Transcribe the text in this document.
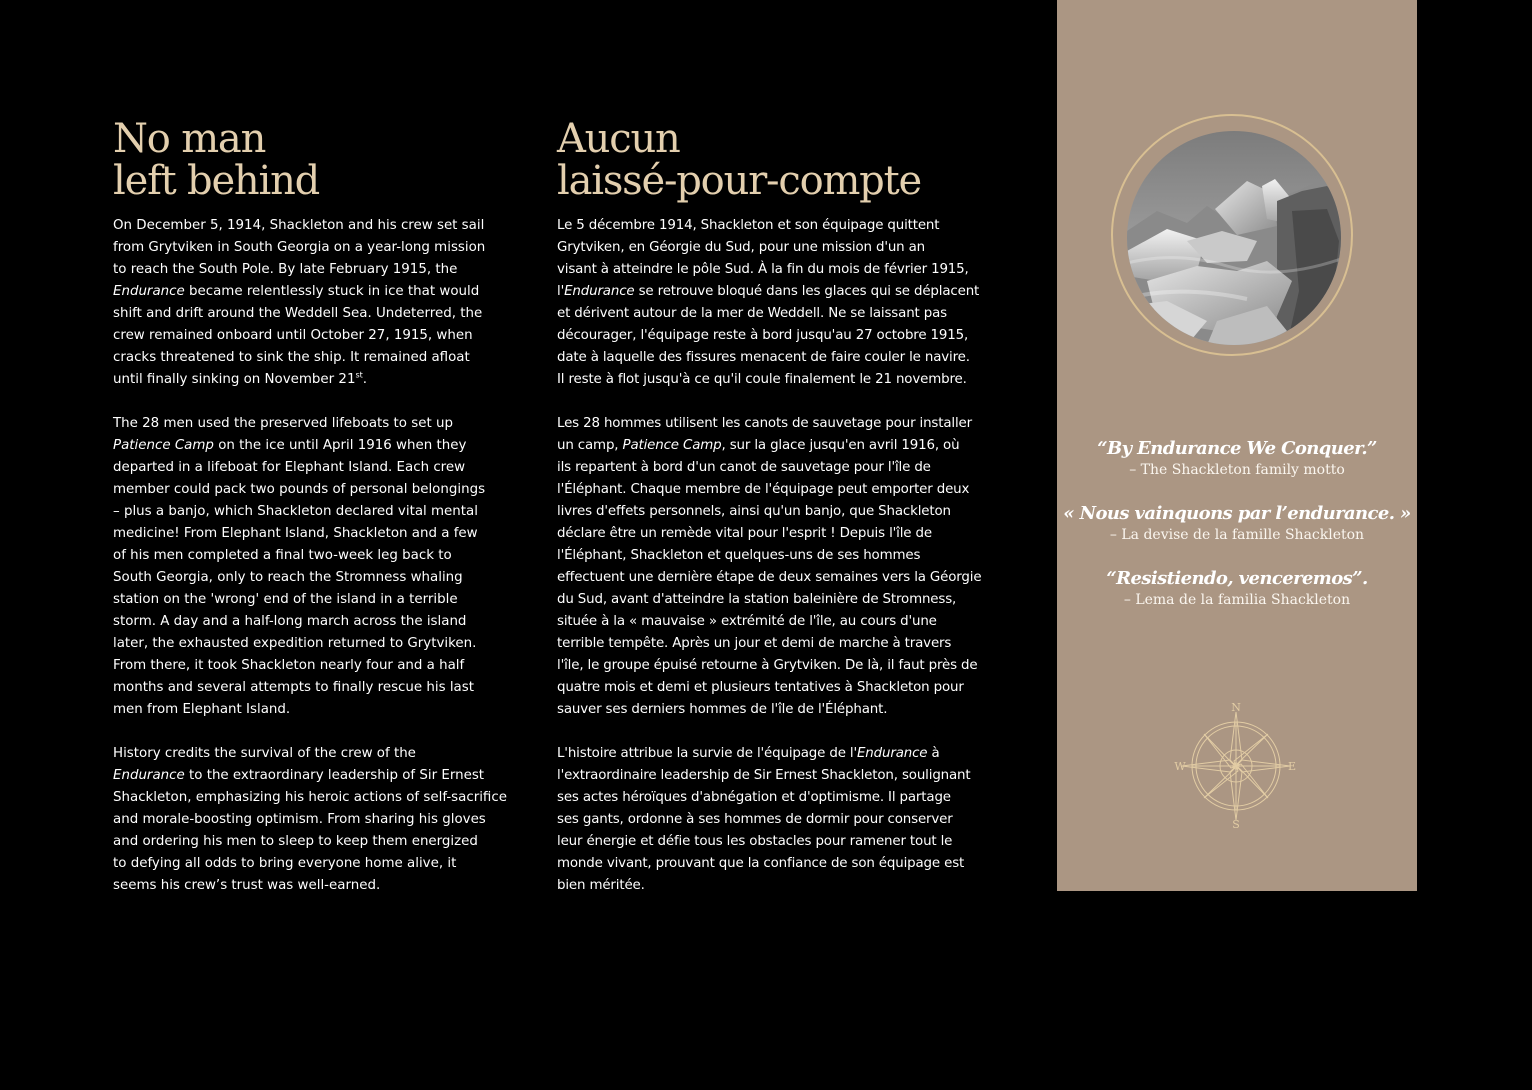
No man
left behind

On December 5, 1914, Shackleton and his crew set sail
from Grytviken in South Georgia on a year-long mission
to reach the South Pole. By late February 1915, the
Endurance became relentlessly stuck in ice that would
shift and drift around the Weddell Sea. Undeterred, the
crew remained onboard until October 27, 1915, when
cracks threatened to sink the ship. It remained afloat
until finally sinking on November 21st.

The 28 men used the preserved lifeboats to set up
Patience Camp on the ice until April 1916 when they
departed in a lifeboat for Elephant Island. Each crew
member could pack two pounds of personal belongings
– plus a banjo, which Shackleton declared vital mental
medicine! From Elephant Island, Shackleton and a few
of his men completed a final two-week leg back to
South Georgia, only to reach the Stromness whaling
station on the 'wrong' end of the island in a terrible
storm. A day and a half-long march across the island
later, the exhausted expedition returned to Grytviken.
From there, it took Shackleton nearly four and a half
months and several attempts to finally rescue his last
men from Elephant Island.

History credits the survival of the crew of the
Endurance to the extraordinary leadership of Sir Ernest
Shackleton, emphasizing his heroic actions of self-sacrifice
and morale-boosting optimism. From sharing his gloves
and ordering his men to sleep to keep them energized
to defying all odds to bring everyone home alive, it
seems his crew’s trust was well-earned.

Aucun
laissé-pour-compte

Le 5 décembre 1914, Shackleton et son équipage quittent
Grytviken, en Géorgie du Sud, pour une mission d'un an
visant à atteindre le pôle Sud. À la fin du mois de février 1915,
l'Endurance se retrouve bloqué dans les glaces qui se déplacent
et dérivent autour de la mer de Weddell. Ne se laissant pas
décourager, l'équipage reste à bord jusqu'au 27 octobre 1915,
date à laquelle des fissures menacent de faire couler le navire.
Il reste à flot jusqu'à ce qu'il coule finalement le 21 novembre.

Les 28 hommes utilisent les canots de sauvetage pour installer
un camp, Patience Camp, sur la glace jusqu'en avril 1916, où
ils repartent à bord d'un canot de sauvetage pour l'île de
l'Éléphant. Chaque membre de l'équipage peut emporter deux
livres d'effets personnels, ainsi qu'un banjo, que Shackleton
déclare être un remède vital pour l'esprit ! Depuis l'île de
l'Éléphant, Shackleton et quelques-uns de ses hommes
effectuent une dernière étape de deux semaines vers la Géorgie
du Sud, avant d'atteindre la station baleinière de Stromness,
située à la « mauvaise » extrémité de l'île, au cours d'une
terrible tempête. Après un jour et demi de marche à travers
l'île, le groupe épuisé retourne à Grytviken. De là, il faut près de
quatre mois et demi et plusieurs tentatives à Shackleton pour
sauver ses derniers hommes de l'île de l'Éléphant.

L'histoire attribue la survie de l'équipage de l'Endurance à
l'extraordinaire leadership de Sir Ernest Shackleton, soulignant
ses actes héroïques d'abnégation et d'optimisme. Il partage
ses gants, ordonne à ses hommes de dormir pour conserver
leur énergie et défie tous les obstacles pour ramener tout le
monde vivant, prouvant que la confiance de son équipage est
bien méritée.

“By Endurance We Conquer.”
– The Shackleton family motto
« Nous vainquons par l’endurance. »
– La devise de la famille Shackleton
“Resistiendo, venceremos”.
– Lema de la familia Shackleton
N
S
E
W
